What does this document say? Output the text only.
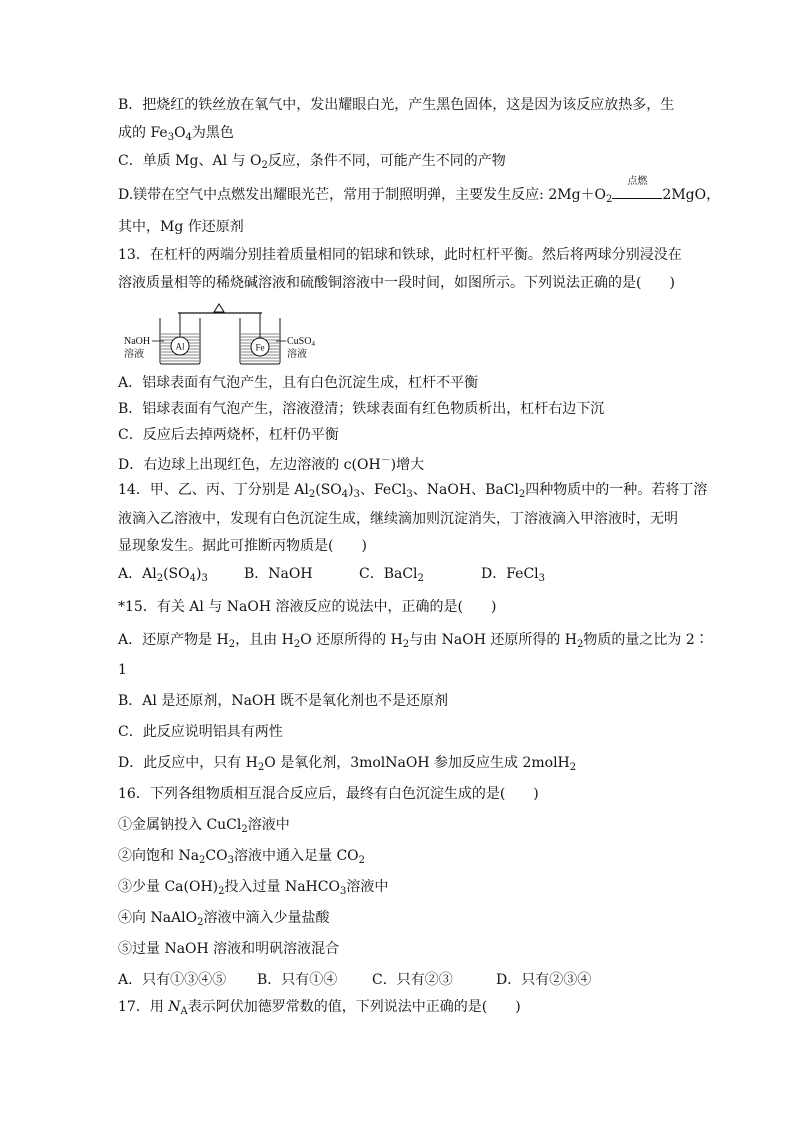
B．把烧红的铁丝放在氧气中，发出耀眼白光，产生黑色固体，这是因为该反应放热多，生
成的 $Fe_3O_4$为黑色
C．单质 Mg、Al 与 $O_2$反应，条件不同，可能产生不同的产物
D.镁带在空气中点燃发出耀眼光芒，常用于制照明弹，主要发生反应: $2Mg+O_2$
点燃
2MgO，
其中，Mg 作还原剂
13．在杠杆的两端分别挂着质量相同的铝球和铁球，此时杠杆平衡。然后将两球分别浸没在
溶液质量相等的稀烧碱溶液和硫酸铜溶液中一段时间，如图所示。下列说法正确的是(　　)
Al	Fe
NaOH
溶液
CuSO$_4$
溶液
A．铝球表面有气泡产生，且有白色沉淀生成，杠杆不平衡
B．铝球表面有气泡产生，溶液澄清；铁球表面有红色物质析出，杠杆右边下沉
C．反应后去掉两烧杯，杠杆仍平衡
D．右边球上出现红色，左边溶液的 c(OH－)增大
14．甲、乙、丙、丁分别是 $Al_2(SO_4)_3$、FeCl$_3$、NaOH、BaCl$_2$四种物质中的一种。若将丁溶
液滴入乙溶液中，发现有白色沉淀生成，继续滴加则沉淀消失，丁溶液滴入甲溶液时，无明
显现象发生。据此可推断丙物质是(　　)
A．$Al_2(SO_4)_3$	B．NaOH	C．BaCl$_2$	D．FeCl$_3$
*15．有关 Al 与 NaOH 溶液反应的说法中，正确的是(　　)
A．还原产物是 $H_2$，且由 $H_2O$ 还原所得的 $H_2$与由 NaOH 还原所得的 $H_2$物质的量之比为 2∶
1
B．Al 是还原剂，NaOH 既不是氧化剂也不是还原剂
C．此反应说明铝具有两性
D．此反应中，只有 $H_2O$ 是氧化剂，3molNaOH 参加反应生成 2molH$_2$
16．下列各组物质相互混合反应后，最终有白色沉淀生成的是(　　)
①金属钠投入 CuCl$_2$溶液中
②向饱和 $Na_2CO_3$溶液中通入足量 $CO_2$
③少量 $Ca(OH)_2$投入过量 NaHCO$_3$溶液中
④向 NaAlO$_2$溶液中滴入少量盐酸
⑤过量 NaOH 溶液和明矾溶液混合
A．只有①③④⑤ B．只有①④ C．只有②③	D．只有②③④
17．用 $N_A$表示阿伏加德罗常数的值，下列说法中正确的是(　　)
